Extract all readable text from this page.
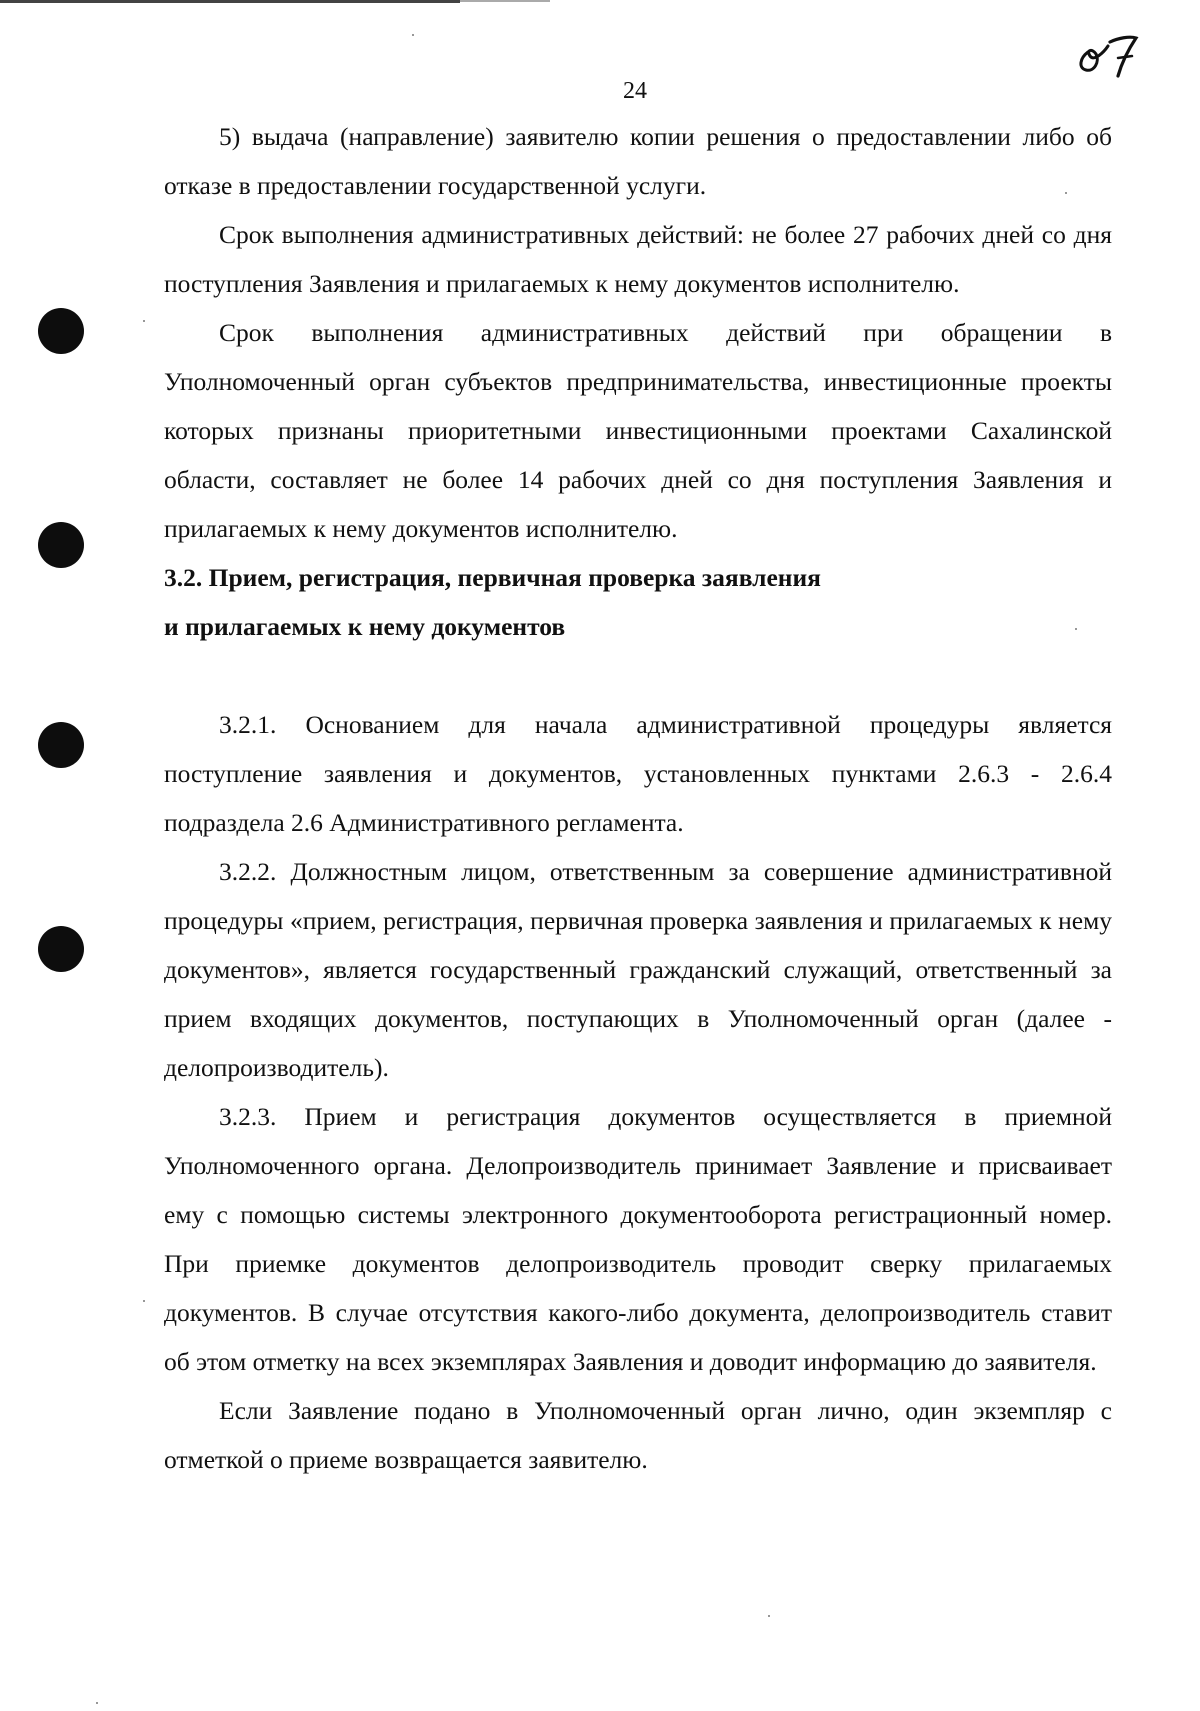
24

5) выдача (направление) заявителю копии решения о предоставлении либо об отказе в предоставлении государственной услуги.

Срок выполнения административных действий: не более 27 рабочих дней со дня поступления Заявления и прилагаемых к нему документов исполнителю.

Срок выполнения административных действий при обращении в Уполномоченный орган субъектов предпринимательства, инвестиционные проекты которых признаны приоритетными инвестиционными проектами Сахалинской области, составляет не более 14 рабочих дней со дня поступления Заявления и прилагаемых к нему документов исполнителю.

3.2. Прием, регистрация, первичная проверка заявления

и прилагаемых к нему документов

3.2.1. Основанием для начала административной процедуры является поступление заявления и документов, установленных пунктами 2.6.3 - 2.6.4 подраздела 2.6 Административного регламента.

3.2.2. Должностным лицом, ответственным за совершение административной процедуры «прием, регистрация, первичная проверка заявления и прилагаемых к нему документов», является государственный гражданский служащий, ответственный за прием входящих документов, поступающих в Уполномоченный орган (далее - делопроизводитель).

3.2.3. Прием и регистрация документов осуществляется в приемной Уполномоченного органа. Делопроизводитель принимает Заявление и присваивает ему с помощью системы электронного документооборота регистрационный номер. При приемке документов делопроизводитель проводит сверку прилагаемых документов. В случае отсутствия какого-либо документа, делопроизводитель ставит об этом отметку на всех экземплярах Заявления и доводит информацию до заявителя.

Если Заявление подано в Уполномоченный орган лично, один экземпляр с отметкой о приеме возвращается заявителю.
